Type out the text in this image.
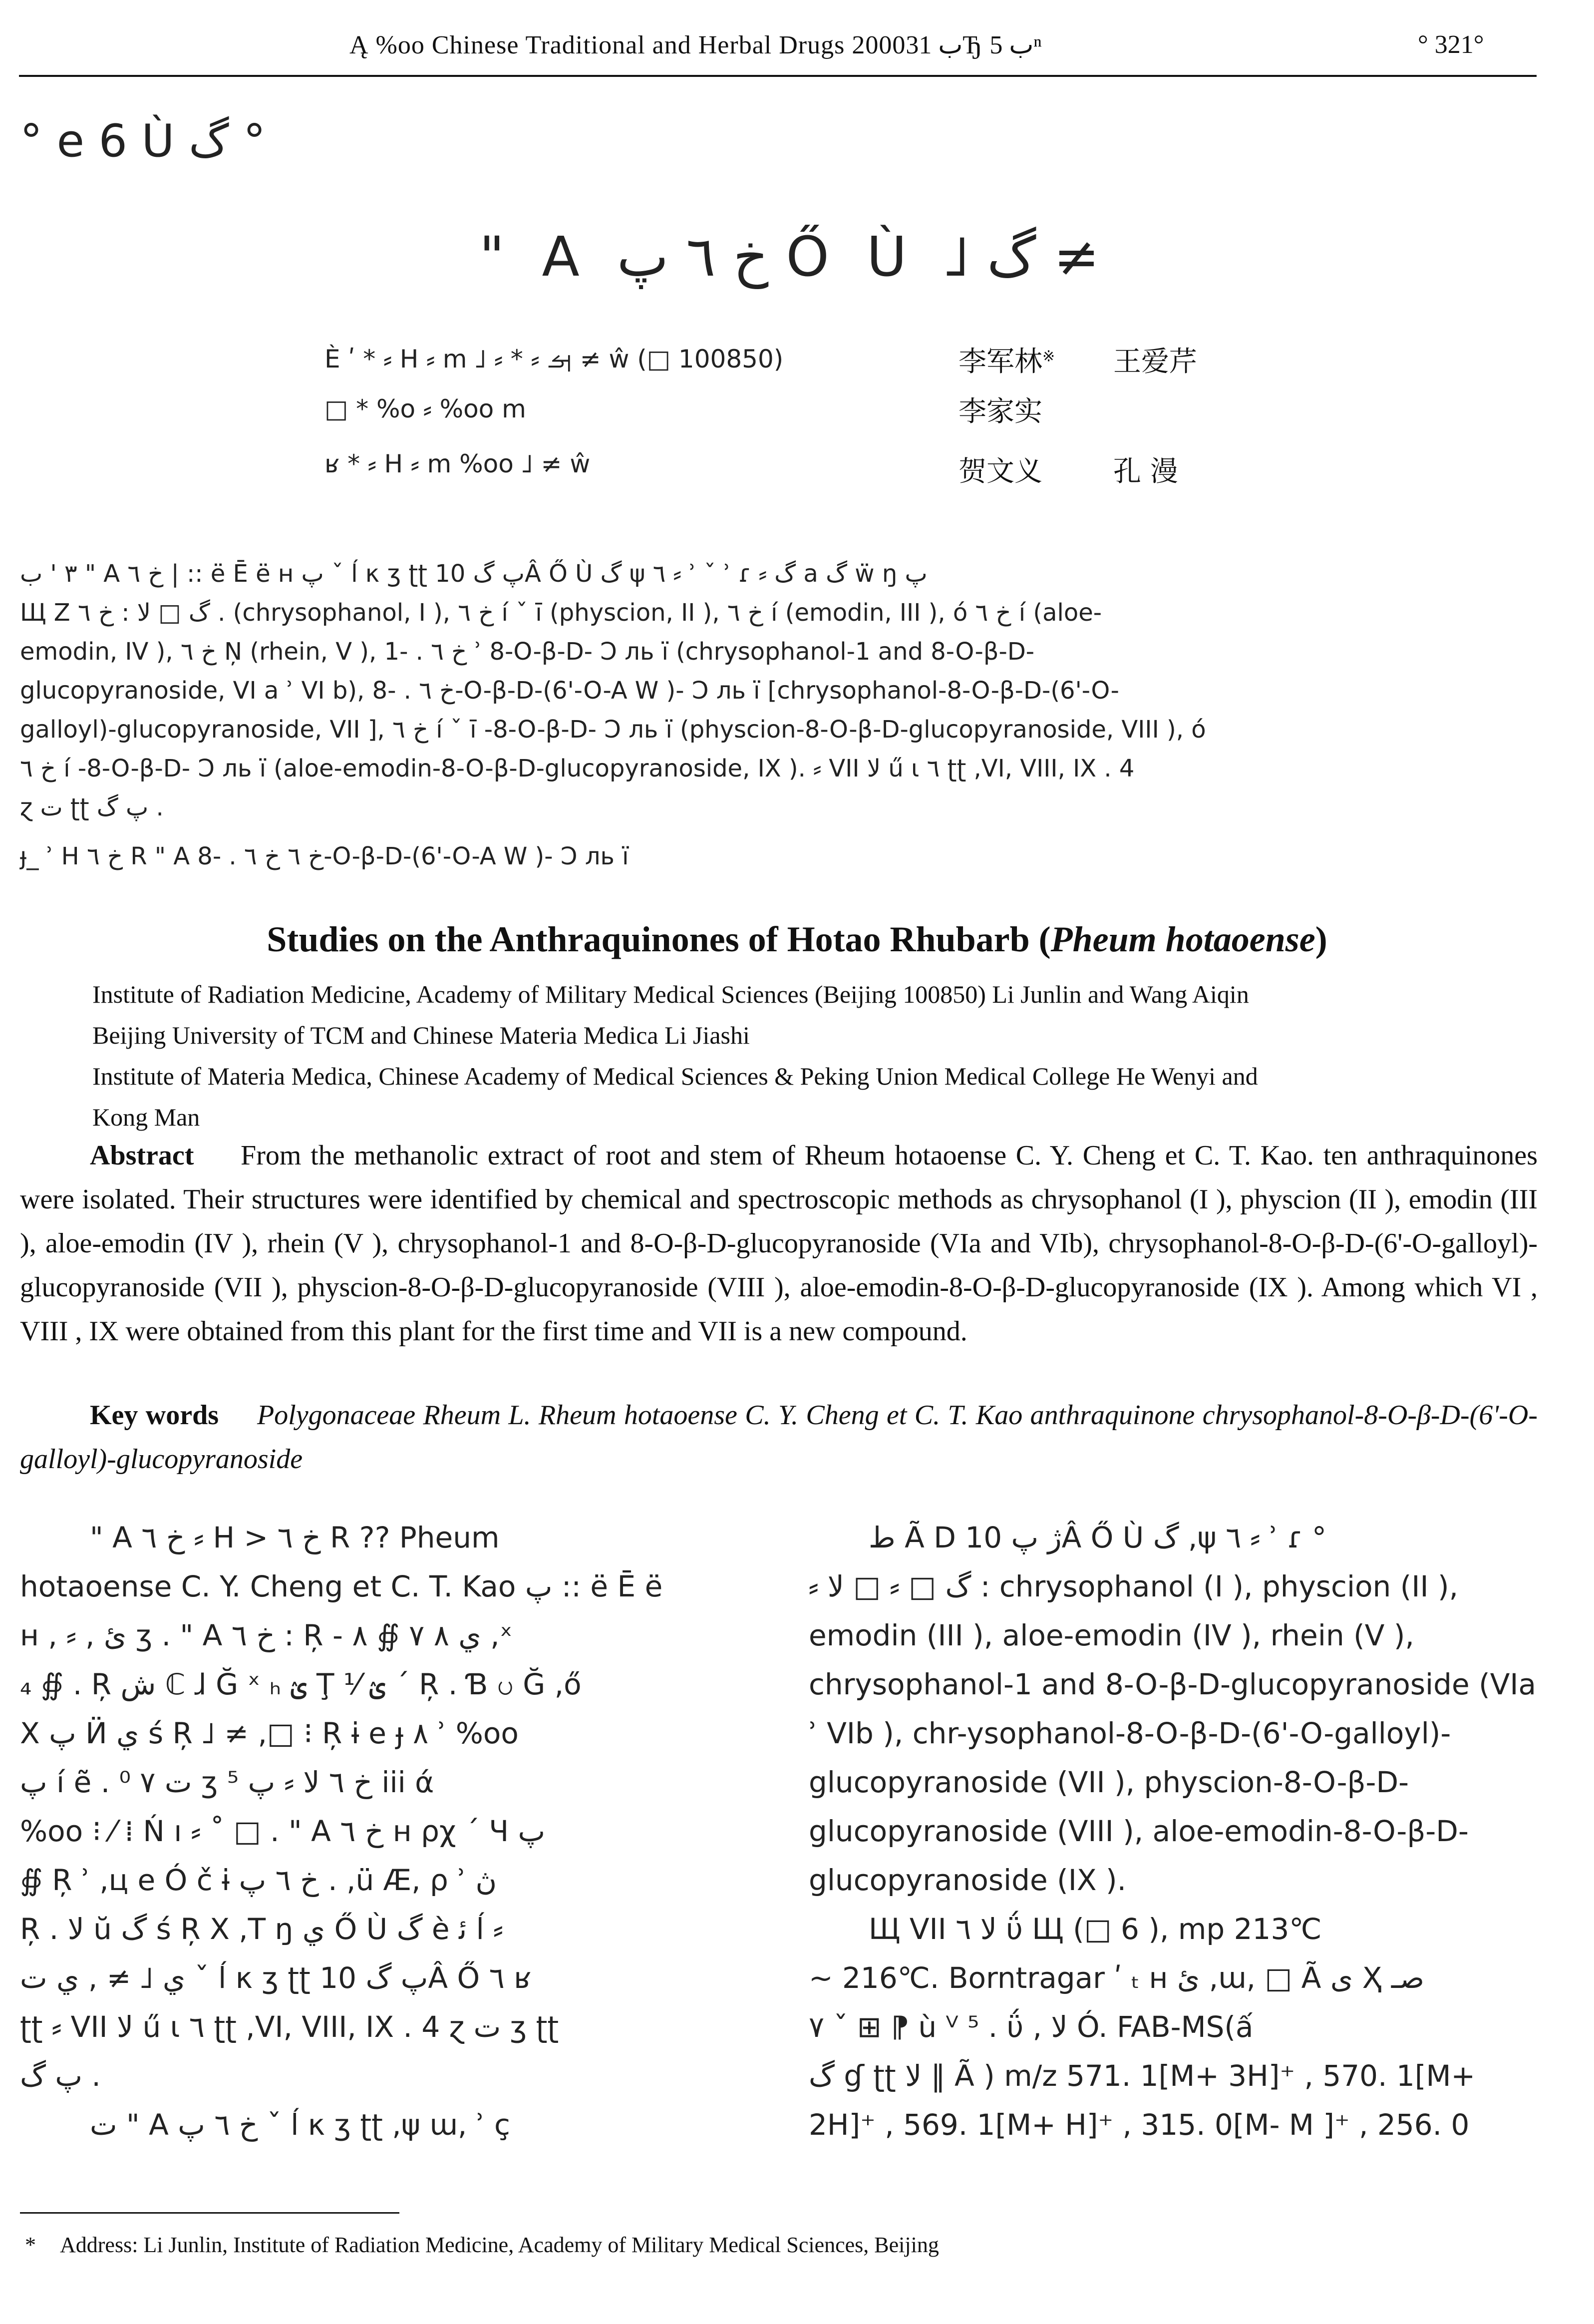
Ą %oo Chinese Traditional and Herbal Drugs 2000ب 31Ђ ب 5ⁿ	° 321°
° e 6 Ù گ °
" A خ ٦ پ Ő Ù گ ࡋ ≠
È ʹ * ⸗ H ⸗ m ࡌ ⸗ * ⸗ ࡋ ≠ ŵ (□ 100850)
□ * %o ⸗ %oo m
ʁ * ⸗ H ⸗ m %oo ࡋ ≠ ŵ
李军林※ 王爱芹
李家实
贺文义	孔 漫
٣ ' ب " A خ ٦ | :: ë Ē ë ʜ پ ˇ ĺ κ ʒ ʈʈ پ گ 10Â Ő Ù گ ψ ٦ ⸗ ʾ ˇ ʾ ɾ ⸗ گ a گ ẅ ŋ پ
Щ Ζ گ □ ﻻ : خ ٦ . (chrysophanol, I ), خ ٦ í ˇ ī (physcion, II ), خ ٦ í (emodin, III ), ó خ ٦ í (aloe-
emodin, IV ), خ ٦ Ņ (rhein, V ), خ ٦ . -1 ʾ 8-O-β-D- Ɔ ль ï (chrysophanol-1 and 8-O-β-D-
glucopyranoside, VI a ʾ VI b), خ ٦ . -8-O-β-D-(6'-O-A W )- Ɔ ль ï [chrysophanol-8-O-β-D-(6'-O-
galloyl)-glucopyranoside, VII ], خ ٦ í ˇ ī -8-O-β-D- Ɔ ль ï (physcion-8-O-β-D-glucopyranoside, VIII ), ó
خ ٦ í -8-O-β-D- Ɔ ль ï (aloe-emodin-8-O-β-D-glucopyranoside, IX ). ⸗ VII ﻻ ű ɩ ٦ ʈʈ ,VI, VIII, IX . 4
ɀ ت ʈʈ پ گ .
ɟ_ ʾ H خ ٦ R " A خ ٦ خ ٦ . -8-O-β-D-(6'-O-A W )- Ɔ ль ï
Studies on the Anthraquinones of Hotao Rhubarb (Pheum hotaoense)
Institute of Radiation Medicine, Academy of Military Medical Sciences (Beijing 100850) Li Junlin and Wang Aiqin
Beijing University of TCM and Chinese Materia Medica Li Jiashi
Institute of Materia Medica, Chinese Academy of Medical Sciences & Peking Union Medical College He Wenyi and
Kong Man
Abstract From the methanolic extract of root and stem of Rheum hotaoense C. Y. Cheng et C. T. Kao. ten anthraquinones were isolated. Their structures were identified by chemical and spectroscopic methods as chrysophanol (I ), physcion (II ), emodin (III ), aloe-emodin (IV ), rhein (V ), chrysophanol-1 and 8-O-β-D-glucopyranoside (VIa and VIb), chrysophanol-8-O-β-D-(6'-O-galloyl)-glucopyranoside (VII ), physcion-8-O-β-D-glucopyranoside (VIII ), aloe-emodin-8-O-β-D-glucopyranoside (IX ). Among which VI , VIII , IX were obtained from this plant for the first time and VII is a new compound.
Key words Polygonaceae Rheum L. Rheum hotaoense C. Y. Cheng et C. T. Kao anthraquinone chrysophanol-8-O-β-D-(6'-O-galloyl)-glucopyranoside
" A خ ٦ ⸗ H > خ ٦ R ?? Pheum
hotaoense C. Y. Cheng et C. T. Kao پ :: ë Ē ë
ʜ , ⸗ , ئ ʒ . " A خ ٦ : Ŗ - ي ٨ ٧ ∯ ٨ ,ˣ
₄ ∯ . Ŗ ش ℂ ɺ Ğ ˣ ₕ ؽ Ţ ⅟ ؽ ´ Ŗ . Ɓ ပ Ğ ,ő
X پ Ӥ ي ś Ŗ ࡋ ≠ ,□ ⁝ Ŗ ɨ e ɟ ٨ ʾ %oo
پ í ẽ . ⁰ ت ٧ ʒ ⁵ خ ٦ ﻻ ⸗ پ iii ά
%oo ⁝ ⁄ ⁞ Ń ı ⸗ ˚ □ . " A خ ٦ ʜ ρχ ´ Ч پ
∯ Ŗ ʾ ,ц e Ó č ɨ خ ٦ پ . ,ü Æ, ρ ʾ ڽ
Ŗ . ﻻ ŭ گ ś Ŗ X ,T ŋ ي Ő Ù گ è ﺋ ĺ ⸗
ي ࡋ ≠ , ي ت ˇ ĺ κ ʒ ʈʈ پ گ 10Â Ő ٦ ʁ
ʈʈ ⸗ VII ﻻ ű ɩ ٦ ʈʈ ,VI, VIII, IX . 4 ɀ ت ʒ ʈʈ
پ گ .
ت " A خ ٦ پ ˇ ĺ κ ʒ ʈʈ ,ψ ɯ, ʾ ç
ط Ã D ژ پ 10Â Ő Ù گ ,ψ ٦ ⸗ ʾ ɾ °
⸗ گ □ ⸗ □ ﻻ : chrysophanol (I ), physcion (II ),
emodin (III ), aloe-emodin (IV ), rhein (V ),
chrysophanol-1 and 8-O-β-D-glucopyranoside (VIa
ʾ VIb ), chr-ysophanol-8-O-β-D-(6'-O-galloyl)-
glucopyranoside (VII ), physcion-8-O-β-D-
glucopyranoside (VIII ), aloe-emodin-8-O-β-D-
glucopyranoside (IX ).
Щ VII ﻻ ٦ ΰ Щ (□ 6 ), mp 213℃
~ 216℃. Borntragar ʹ ₜ ʜ ئ ,ɯ, □ Ã ى Ҳ صـ
٧ ˇ ⊞ ⁋ ù ⱽ ⁵ . ΰ , ﻻ Ó. FAB-MS(ấ
گ ɠ ʈʈ ﻻ ‖ Ã ) m/z 571. 1[M+ 3H]⁺ , 570. 1[M+
2H]⁺ , 569. 1[M+ H]⁺ , 315. 0[M- M ]⁺ , 256. 0
* Address: Li Junlin, Institute of Radiation Medicine, Academy of Military Medical Sciences, Beijing
